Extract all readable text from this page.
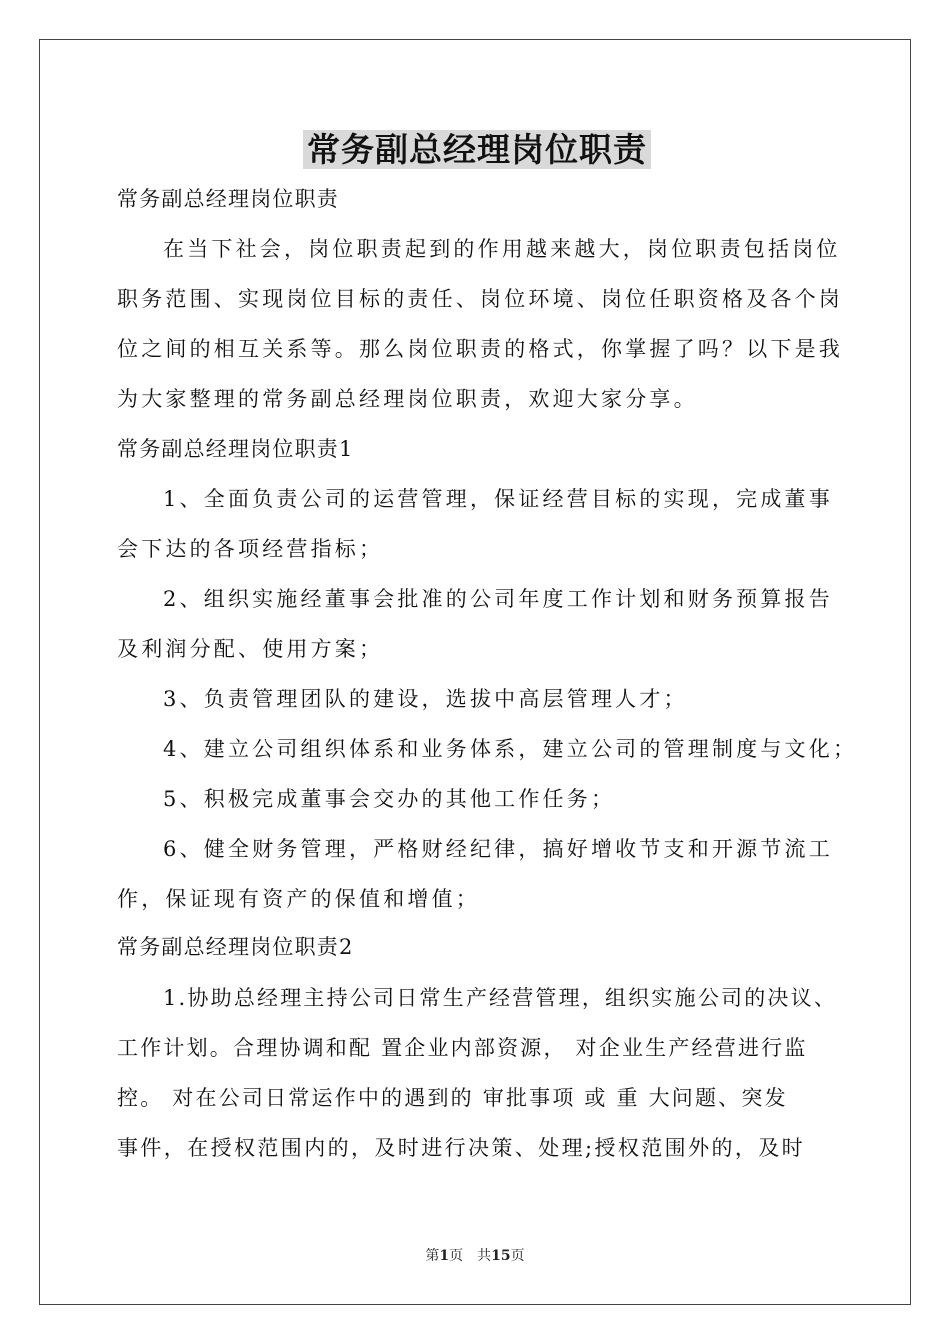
常务副总经理岗位职责
常务副总经理岗位职责
在当下社会，岗位职责起到的作用越来越大，岗位职责包括岗位
职务范围、实现岗位目标的责任、岗位环境、岗位任职资格及各个岗
位之间的相互关系等。那么岗位职责的格式，你掌握了吗？以下是我
为大家整理的常务副总经理岗位职责，欢迎大家分享。
常务副总经理岗位职责1
1、全面负责公司的运营管理，保证经营目标的实现，完成董事
会下达的各项经营指标；
2、组织实施经董事会批准的公司年度工作计划和财务预算报告
及利润分配、使用方案；
3、负责管理团队的建设，选拔中高层管理人才；
4、建立公司组织体系和业务体系，建立公司的管理制度与文化；
5、积极完成董事会交办的其他工作任务；
6、健全财务管理，严格财经纪律，搞好增收节支和开源节流工
作，保证现有资产的保值和增值；
常务副总经理岗位职责2
1.协助总经理主持公司日常生产经营管理，组织实施公司的决议、
工作计划。合理协调和配 置企业内部资源， 对企业生产经营进行监
控。 对在公司日常运作中的遇到的 审批事项 或 重 大问题、突发
事件，在授权范围内的，及时进行决策、处理;授权范围外的，及时
第1页　共15页
